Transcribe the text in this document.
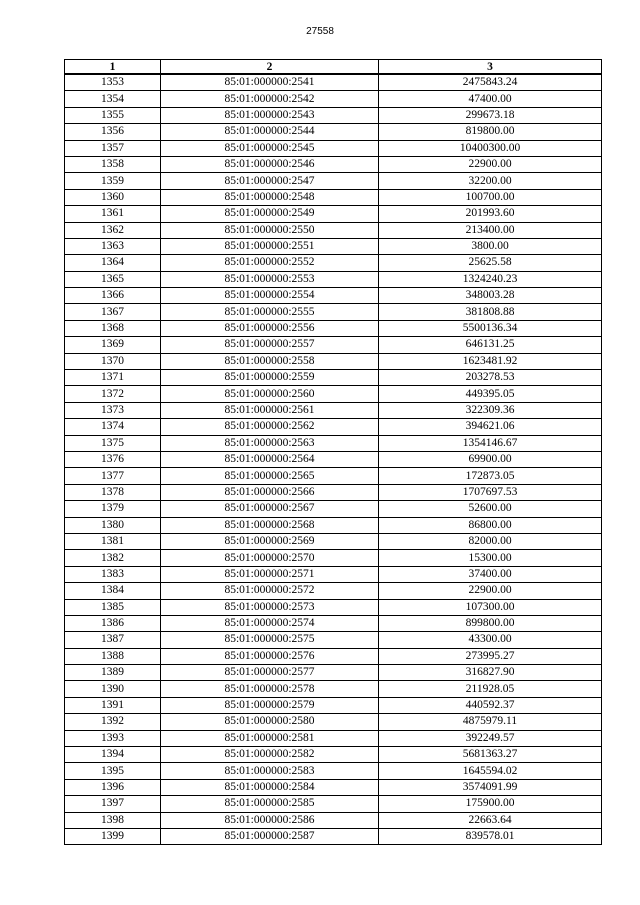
27558
1	2	3
1353	85:01:000000:2541	2475843.24
1354	85:01:000000:2542	47400.00
1355	85:01:000000:2543	299673.18
1356	85:01:000000:2544	819800.00
1357	85:01:000000:2545	10400300.00
1358	85:01:000000:2546	22900.00
1359	85:01:000000:2547	32200.00
1360	85:01:000000:2548	100700.00
1361	85:01:000000:2549	201993.60
1362	85:01:000000:2550	213400.00
1363	85:01:000000:2551	3800.00
1364	85:01:000000:2552	25625.58
1365	85:01:000000:2553	1324240.23
1366	85:01:000000:2554	348003.28
1367	85:01:000000:2555	381808.88
1368	85:01:000000:2556	5500136.34
1369	85:01:000000:2557	646131.25
1370	85:01:000000:2558	1623481.92
1371	85:01:000000:2559	203278.53
1372	85:01:000000:2560	449395.05
1373	85:01:000000:2561	322309.36
1374	85:01:000000:2562	394621.06
1375	85:01:000000:2563	1354146.67
1376	85:01:000000:2564	69900.00
1377	85:01:000000:2565	172873.05
1378	85:01:000000:2566	1707697.53
1379	85:01:000000:2567	52600.00
1380	85:01:000000:2568	86800.00
1381	85:01:000000:2569	82000.00
1382	85:01:000000:2570	15300.00
1383	85:01:000000:2571	37400.00
1384	85:01:000000:2572	22900.00
1385	85:01:000000:2573	107300.00
1386	85:01:000000:2574	899800.00
1387	85:01:000000:2575	43300.00
1388	85:01:000000:2576	273995.27
1389	85:01:000000:2577	316827.90
1390	85:01:000000:2578	211928.05
1391	85:01:000000:2579	440592.37
1392	85:01:000000:2580	4875979.11
1393	85:01:000000:2581	392249.57
1394	85:01:000000:2582	5681363.27
1395	85:01:000000:2583	1645594.02
1396	85:01:000000:2584	3574091.99
1397	85:01:000000:2585	175900.00
1398	85:01:000000:2586	22663.64
1399	85:01:000000:2587	839578.01
